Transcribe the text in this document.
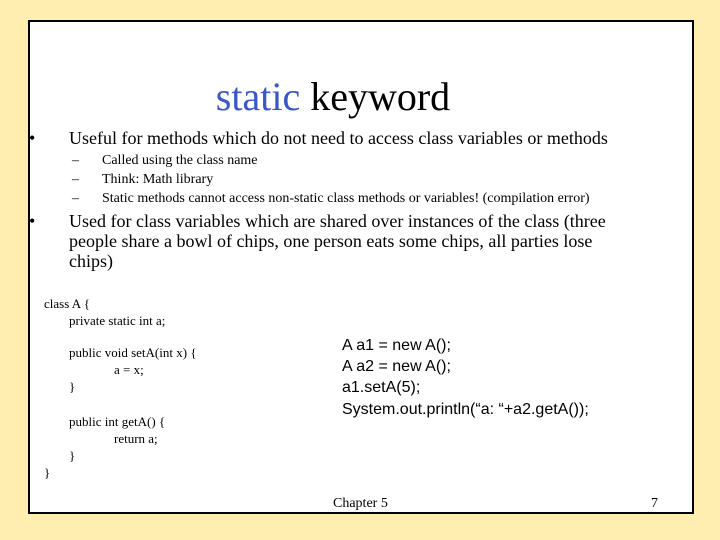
static keyword
• Useful for methods which do not need to access class variables or methods
– Called using the class name
– Think: Math library
– Static methods cannot access non-static class methods or variables! (compilation error)
• Used for class variables which are shared over instances of the class (three
people share a bowl of chips, one person eats some chips, all parties lose
chips)
class A {
private static int a;
public void setA(int x) {
a = x;
}
public int getA() {
return a;
}
}
A a1 = new A();
A a2 = new A();
a1.setA(5);
System.out.println(“a: “+a2.getA());
Chapter 5	7
